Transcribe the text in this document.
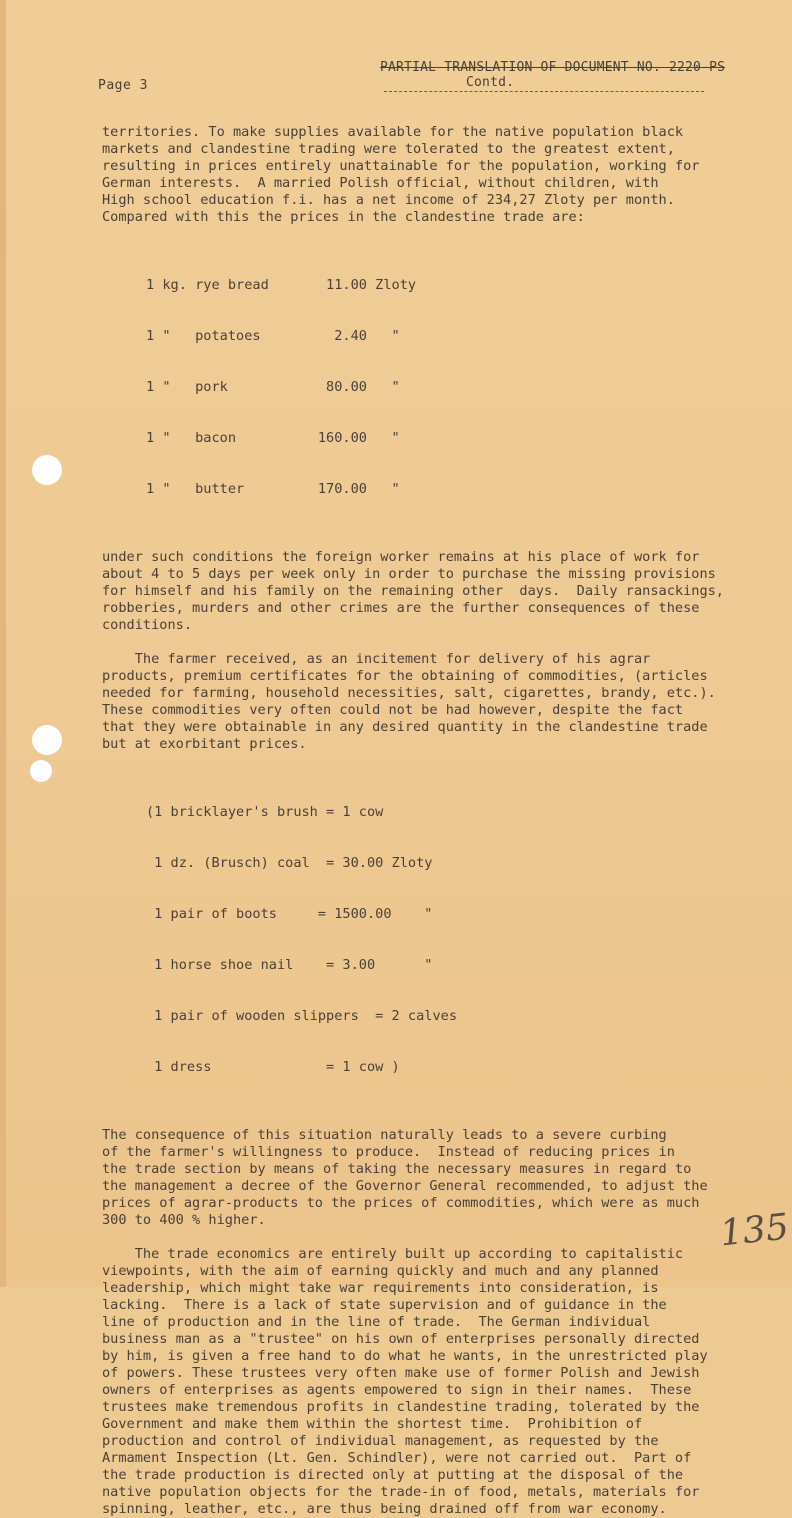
Page 3
PARTIAL TRANSLATION OF DOCUMENT NO. 2220-PS
Contd.

territories. To make supplies available for the native population black

markets and clandestine trading were tolerated to the greatest extent,

resulting in prices entirely unattainable for the population, working for

German interests.  A married Polish official, without children, with

High school education f.i. has a net income of 234,27 Zloty per month.

Compared with this the prices in the clandestine trade are:

1 kg. rye bread       11.00 Zloty

1 "   potatoes         2.40   "

1 "   pork            80.00   "

1 "   bacon          160.00   "

1 "   butter         170.00   "

under such conditions the foreign worker remains at his place of work for

about 4 to 5 days per week only in order to purchase the missing provisions

for himself and his family on the remaining other  days.  Daily ransackings,

robberies, murders and other crimes are the further consequences of these

conditions.

The farmer received, as an incitement for delivery of his agrar

products, premium certificates for the obtaining of commodities, (articles

needed for farming, household necessities, salt, cigarettes, brandy, etc.).

These commodities very often could not be had however, despite the fact

that they were obtainable in any desired quantity in the clandestine trade

but at exorbitant prices.

(1 bricklayer's brush = 1 cow

1 dz. (Brusch) coal  = 30.00 Zloty

1 pair of boots     = 1500.00    "

1 horse shoe nail    = 3.00      "

1 pair of wooden slippers  = 2 calves

1 dress              = 1 cow )

The consequence of this situation naturally leads to a severe curbing

of the farmer's willingness to produce.  Instead of reducing prices in

the trade section by means of taking the necessary measures in regard to

the management a decree of the Governor General recommended, to adjust the

prices of agrar-products to the prices of commodities, which were as much

300 to 400 % higher.

The trade economics are entirely built up according to capitalistic

viewpoints, with the aim of earning quickly and much and any planned

leadership, which might take war requirements into consideration, is

lacking.  There is a lack of state supervision and of guidance in the

line of production and in the line of trade.  The German individual

business man as a "trustee" on his own of enterprises personally directed

by him, is given a free hand to do what he wants, in the unrestricted play

of powers. These trustees very often make use of former Polish and Jewish

owners of enterprises as agents empowered to sign in their names.  These

trustees make tremendous profits in clandestine trading, tolerated by the

Government and make them within the shortest time.  Prohibition of

production and control of individual management, as requested by the

Armament Inspection (Lt. Gen. Schindler), were not carried out.  Part of

the trade production is directed only at putting at the disposal of the

native population objects for the trade-in of food, metals, materials for

spinning, leather, etc., are thus being drained off from war economy.

135
